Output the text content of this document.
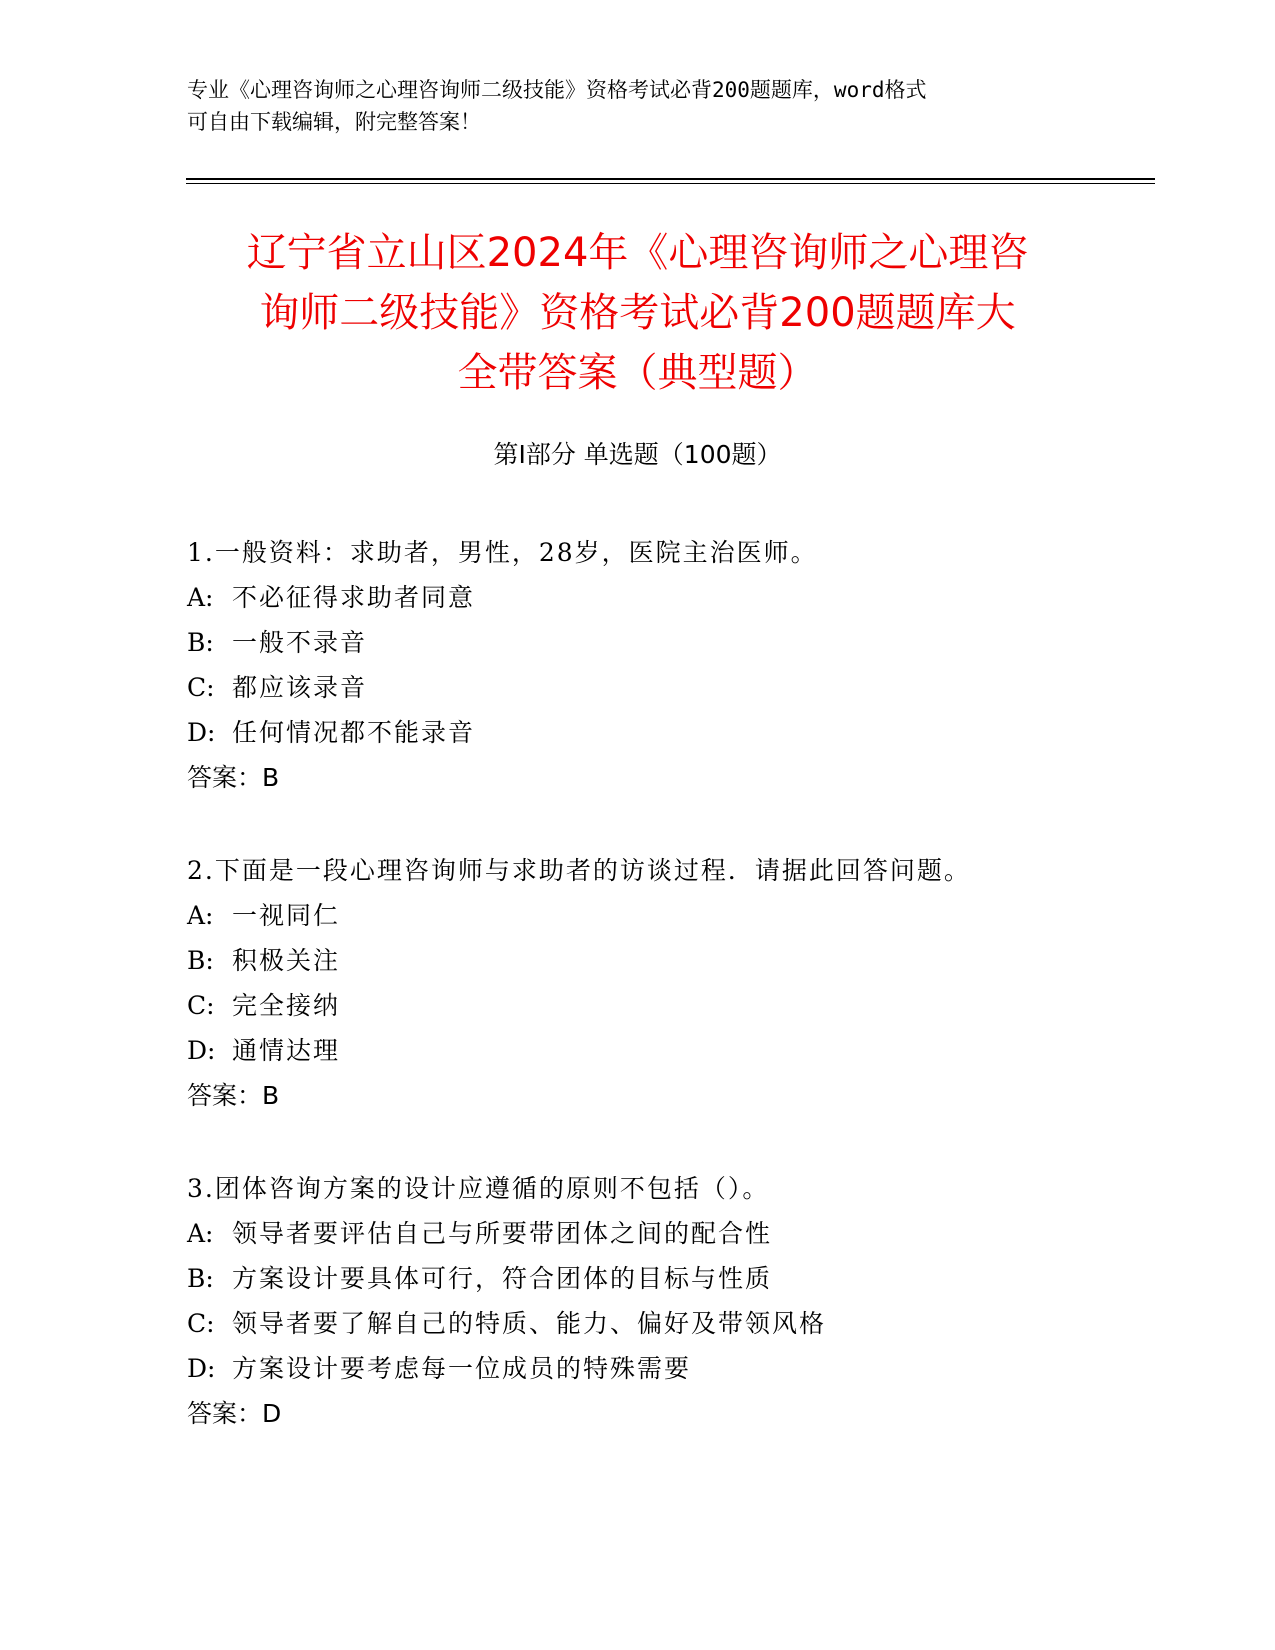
专业《心理咨询师之心理咨询师二级技能》资格考试必背200题题库，word格式
可自由下载编辑，附完整答案！
辽宁省立山区2024年《心理咨询师之心理咨
询师二级技能》资格考试必背200题题库大
全带答案（典型题）
第Ⅰ部分 单选题（100题）
1.一般资料：求助者，男性，28岁，医院主治医师。
A: 不必征得求助者同意
B: 一般不录音
C: 都应该录音
D: 任何情况都不能录音
答案：B
2.下面是一段心理咨询师与求助者的访谈过程．请据此回答问题。
A: 一视同仁
B: 积极关注
C: 完全接纳
D: 通情达理
答案：B
3.团体咨询方案的设计应遵循的原则不包括（）。
A: 领导者要评估自己与所要带团体之间的配合性
B: 方案设计要具体可行，符合团体的目标与性质
C: 领导者要了解自己的特质、能力、偏好及带领风格
D: 方案设计要考虑每一位成员的特殊需要
答案：D
